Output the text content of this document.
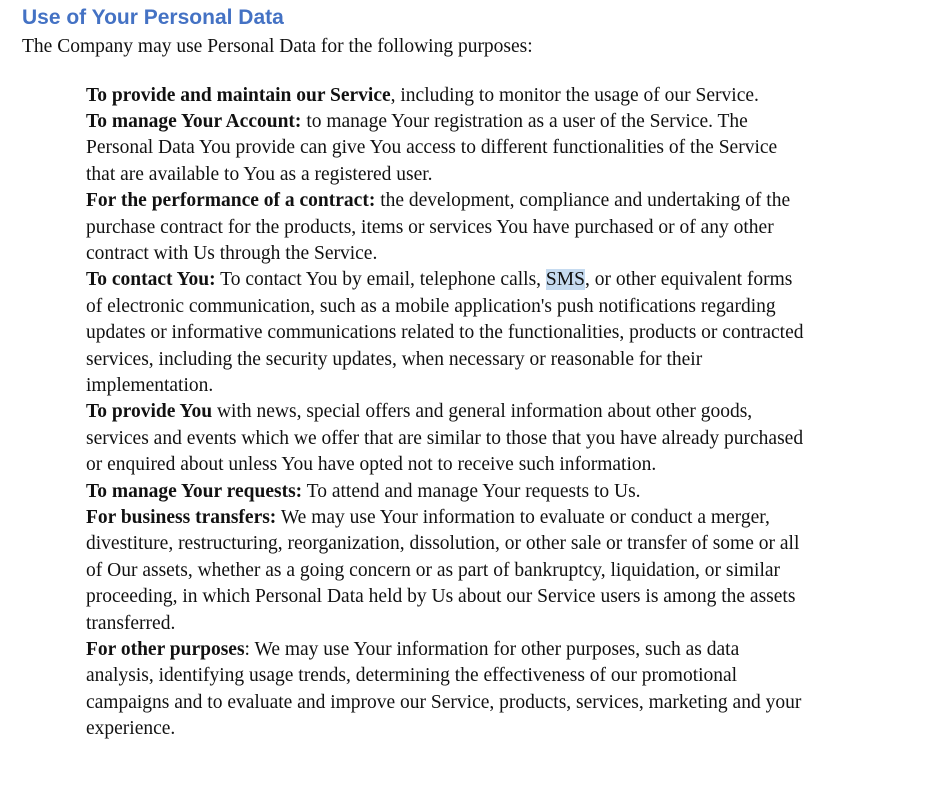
Use of Your Personal Data

The Company may use Personal Data for the following purposes:

To provide and maintain our Service, including to monitor the usage of our Service.

To manage Your Account: to manage Your registration as a user of the Service. The Personal Data You provide can give You access to different functionalities of the Service that are available to You as a registered user.

For the performance of a contract: the development, compliance and undertaking of the purchase contract for the products, items or services You have purchased or of any other contract with Us through the Service.

To contact You: To contact You by email, telephone calls, SMS, or other equivalent forms of electronic communication, such as a mobile application's push notifications regarding updates or informative communications related to the functionalities, products or contracted services, including the security updates, when necessary or reasonable for their implementation.

To provide You with news, special offers and general information about other goods, services and events which we offer that are similar to those that you have already purchased or enquired about unless You have opted not to receive such information.

To manage Your requests: To attend and manage Your requests to Us.

For business transfers: We may use Your information to evaluate or conduct a merger, divestiture, restructuring, reorganization, dissolution, or other sale or transfer of some or all of Our assets, whether as a going concern or as part of bankruptcy, liquidation, or similar proceeding, in which Personal Data held by Us about our Service users is among the assets transferred.

For other purposes: We may use Your information for other purposes, such as data analysis, identifying usage trends, determining the effectiveness of our promotional campaigns and to evaluate and improve our Service, products, services, marketing and your experience.
